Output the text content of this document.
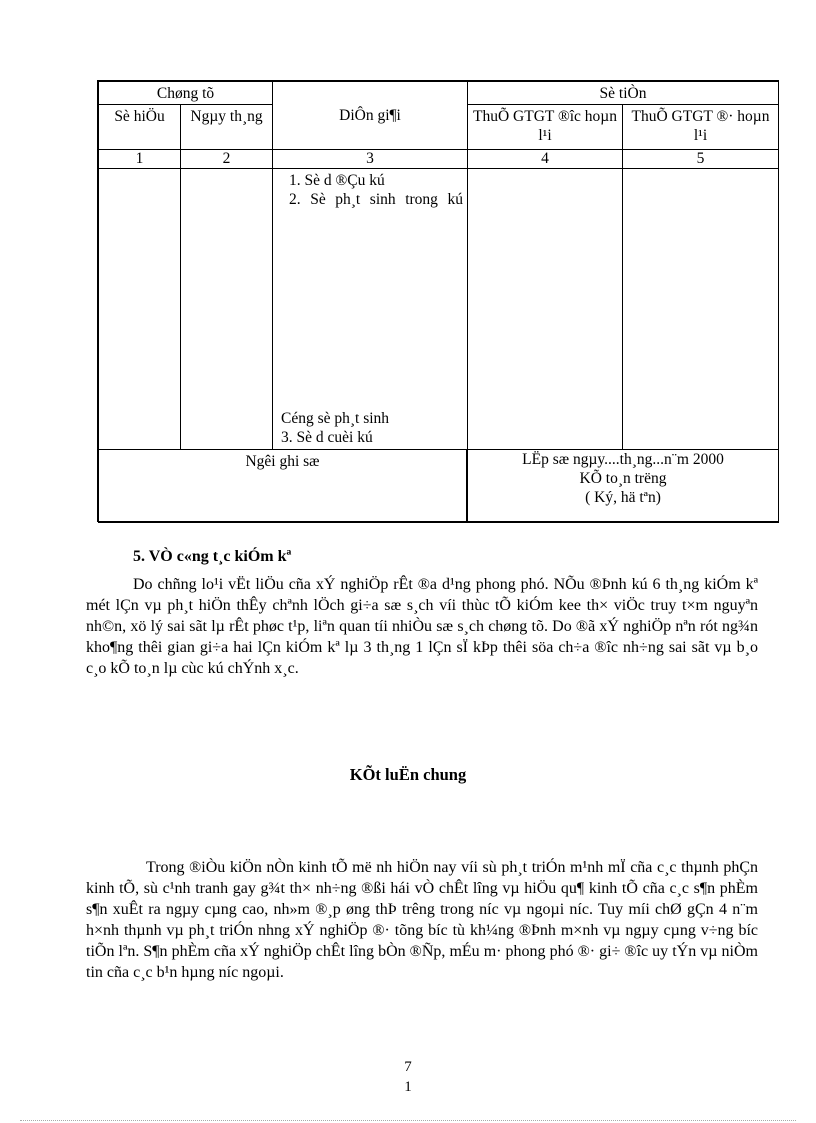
Chøng tõ		DiÔn gi¶i	Sè tiÒn	
Sè hiÖu	Ngµy th¸ng		ThuÕ GTGT ®îc hoµn l¹i	ThuÕ GTGT ®· hoµn l¹i
1	2	3	4	5

		1. Sè d ®Çu kú
2. Sè ph¸t sinh trong kú
Céng sè ph¸t sinh
3. Sè d cuèi kú		

Ngêi ghi sæ			LËp sæ ngµy....th¸ng...n¨m 2000
KÕ to¸n trëng
( Ký, hä tªn)	
5. VÒ c«ng t¸c kiÓm kª
Do chñng lo¹i vËt liÖu cña xÝ nghiÖp rÊt ®a d¹ng phong phó. NÕu ®Þnh kú 6 th¸ng kiÓm kª mét lÇn vµ ph¸t hiÖn thÊy chªnh lÖch gi÷a sæ s¸ch víi thùc tÕ kiÓm kee th× viÖc truy t×m nguyªn nh©n, xö lý sai sãt lµ rÊt phøc t¹p, liªn quan tíi nhiÒu sæ s¸ch chøng tõ. Do ®ã xÝ nghiÖp nªn rót ng¾n kho¶ng thêi gian gi÷a hai lÇn kiÓm kª lµ 3 th¸ng 1 lÇn sÏ kÞp thêi söa ch÷a ®îc nh÷ng sai sãt vµ b¸o c¸o kÕ to¸n lµ cùc kú chÝnh x¸c.
KÕt luËn chung
Trong ®iÒu kiÖn nÒn kinh tÕ më nh hiÖn nay víi sù ph¸t triÓn m¹nh mÏ cña c¸c thµnh phÇn kinh tÕ, sù c¹nh tranh gay g¾t th× nh÷ng ®ßi hái vÒ chÊt lîng vµ hiÖu qu¶ kinh tÕ cña c¸c s¶n phÈm s¶n xuÊt ra ngµy cµng cao, nh»m ®¸p øng thÞ trêng trong níc vµ ngoµi níc. Tuy míi chØ gÇn 4 n¨m h×nh thµnh vµ ph¸t triÓn nhng xÝ nghiÖp ®· tõng bíc tù kh¼ng ®Þnh m×nh vµ ngµy cµng v÷ng bíc tiÕn lªn. S¶n phÈm cña xÝ nghiÖp chÊt lîng bÒn ®Ñp, mÉu m· phong phó ®· gi÷ ®îc uy tÝn vµ niÒm tin cña c¸c b¹n hµng níc ngoµi.
7
1
